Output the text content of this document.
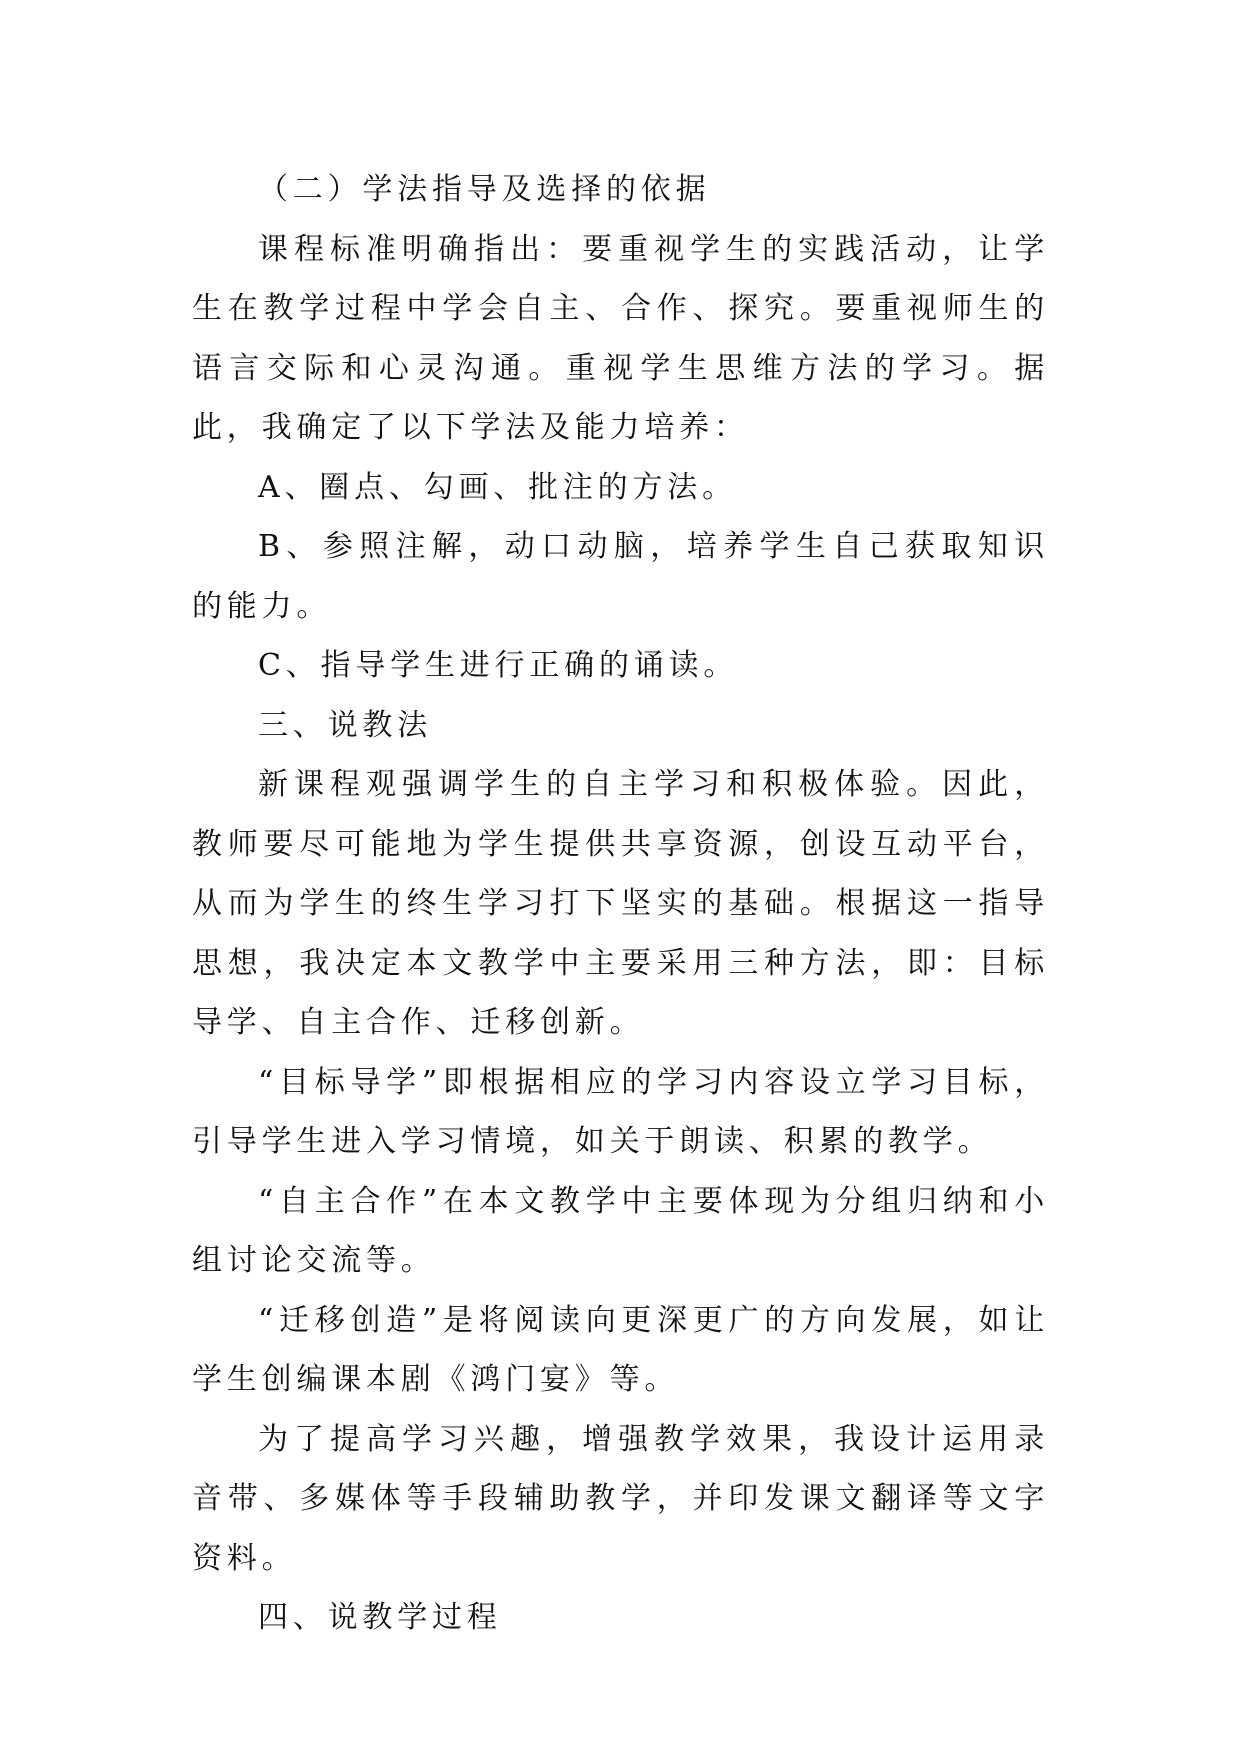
（二）学法指导及选择的依据

课程标准明确指出：要重视学生的实践活动，让学生在教学过程中学会自主、合作、探究。要重视师生的语言交际和心灵沟通。重视学生思维方法的学习。据此，我确定了以下学法及能力培养：

A、圈点、勾画、批注的方法。

B、参照注解，动口动脑，培养学生自己获取知识的能力。

C、指导学生进行正确的诵读。

三、说教法

新课程观强调学生的自主学习和积极体验。因此，教师要尽可能地为学生提供共享资源，创设互动平台，从而为学生的终生学习打下坚实的基础。根据这一指导思想，我决定本文教学中主要采用三种方法，即：目标导学、自主合作、迁移创新。

“目标导学”即根据相应的学习内容设立学习目标，引导学生进入学习情境，如关于朗读、积累的教学。

“自主合作”在本文教学中主要体现为分组归纳和小组讨论交流等。

“迁移创造”是将阅读向更深更广的方向发展，如让学生创编课本剧《鸿门宴》等。

为了提高学习兴趣，增强教学效果，我设计运用录音带、多媒体等手段辅助教学，并印发课文翻译等文字资料。

四、说教学过程
